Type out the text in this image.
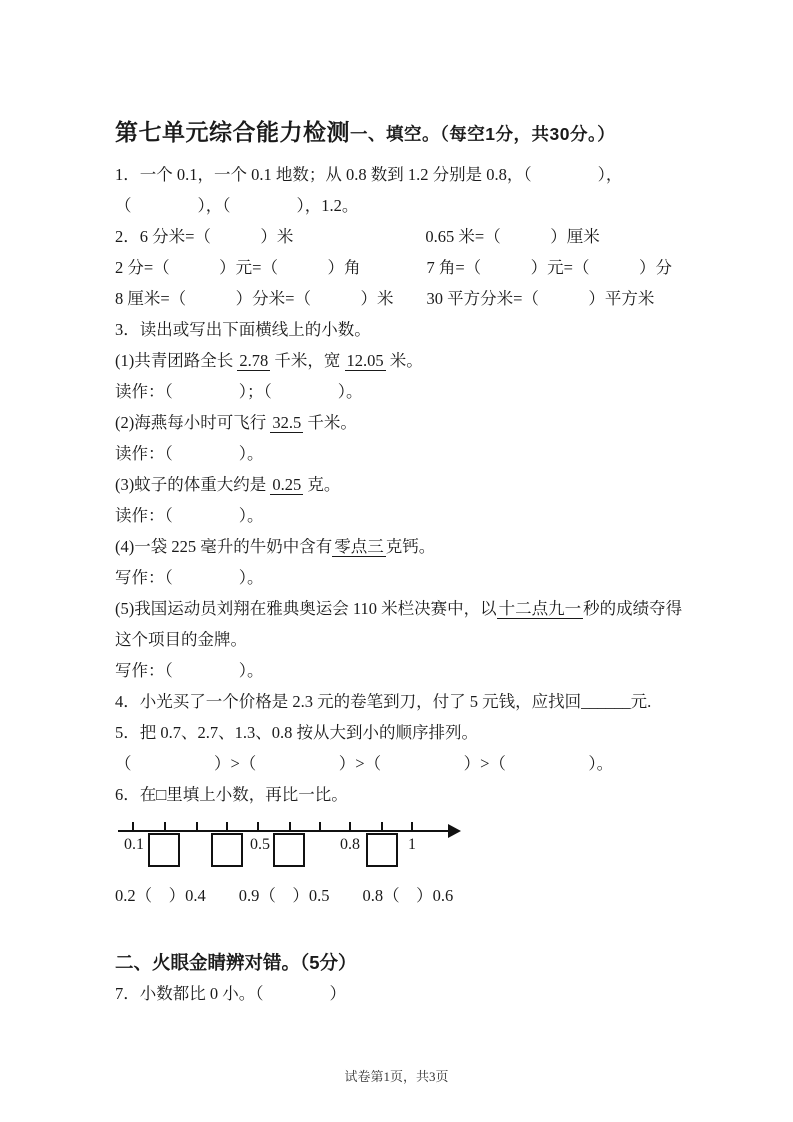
第七单元综合能力检测一、填空。（每空1分，共30分。）

1．一个 0.1，一个 0.1 地数；从 0.8 数到 1.2 分别是 0.8，（　　　　），

（　　　　），（　　　　），1.2。

2．6 分米=（　　　）米　　　　　　　　0.65 米=（　　　）厘米

2 分=（　　　）元=（　　　）角　　　　7 角=（　　　）元=（　　　）分

8 厘米=（　　　）分米=（　　　）米　　30 平方分米=（　　　）平方米

3．读出或写出下面横线上的小数。

(1)共青团路全长 2.78 千米，宽 12.05 米。

读作：（　　　　）；（　　　　）。

(2)海燕每小时可飞行 32.5 千米。

读作：（　　　　）。

(3)蚊子的体重大约是 0.25 克。

读作：（　　　　）。

(4)一袋 225 毫升的牛奶中含有 零点三 克钙。

写作：（　　　　）。

(5)我国运动员刘翔在雅典奥运会 110 米栏决赛中，以 十二点九一 秒的成绩夺得

这个项目的金牌。

写作：（　　　　）。

4．小光买了一个价格是 2.3 元的卷笔到刀，付了 5 元钱，应找回______元.

5．把 0.7、2.7、1.3、0.8 按从大到小的顺序排列。

（　　　　　）>（　　　　　）>（　　　　　）>（　　　　　）。

6．在□里填上小数，再比一比。

0.1	0.5	0.8	1

0.2（　）0.4　　0.9（　）0.5　　0.8（　）0.6

二、火眼金睛辨对错。（5分）

7．小数都比 0 小。（　　　　）

试卷第1页，共3页
